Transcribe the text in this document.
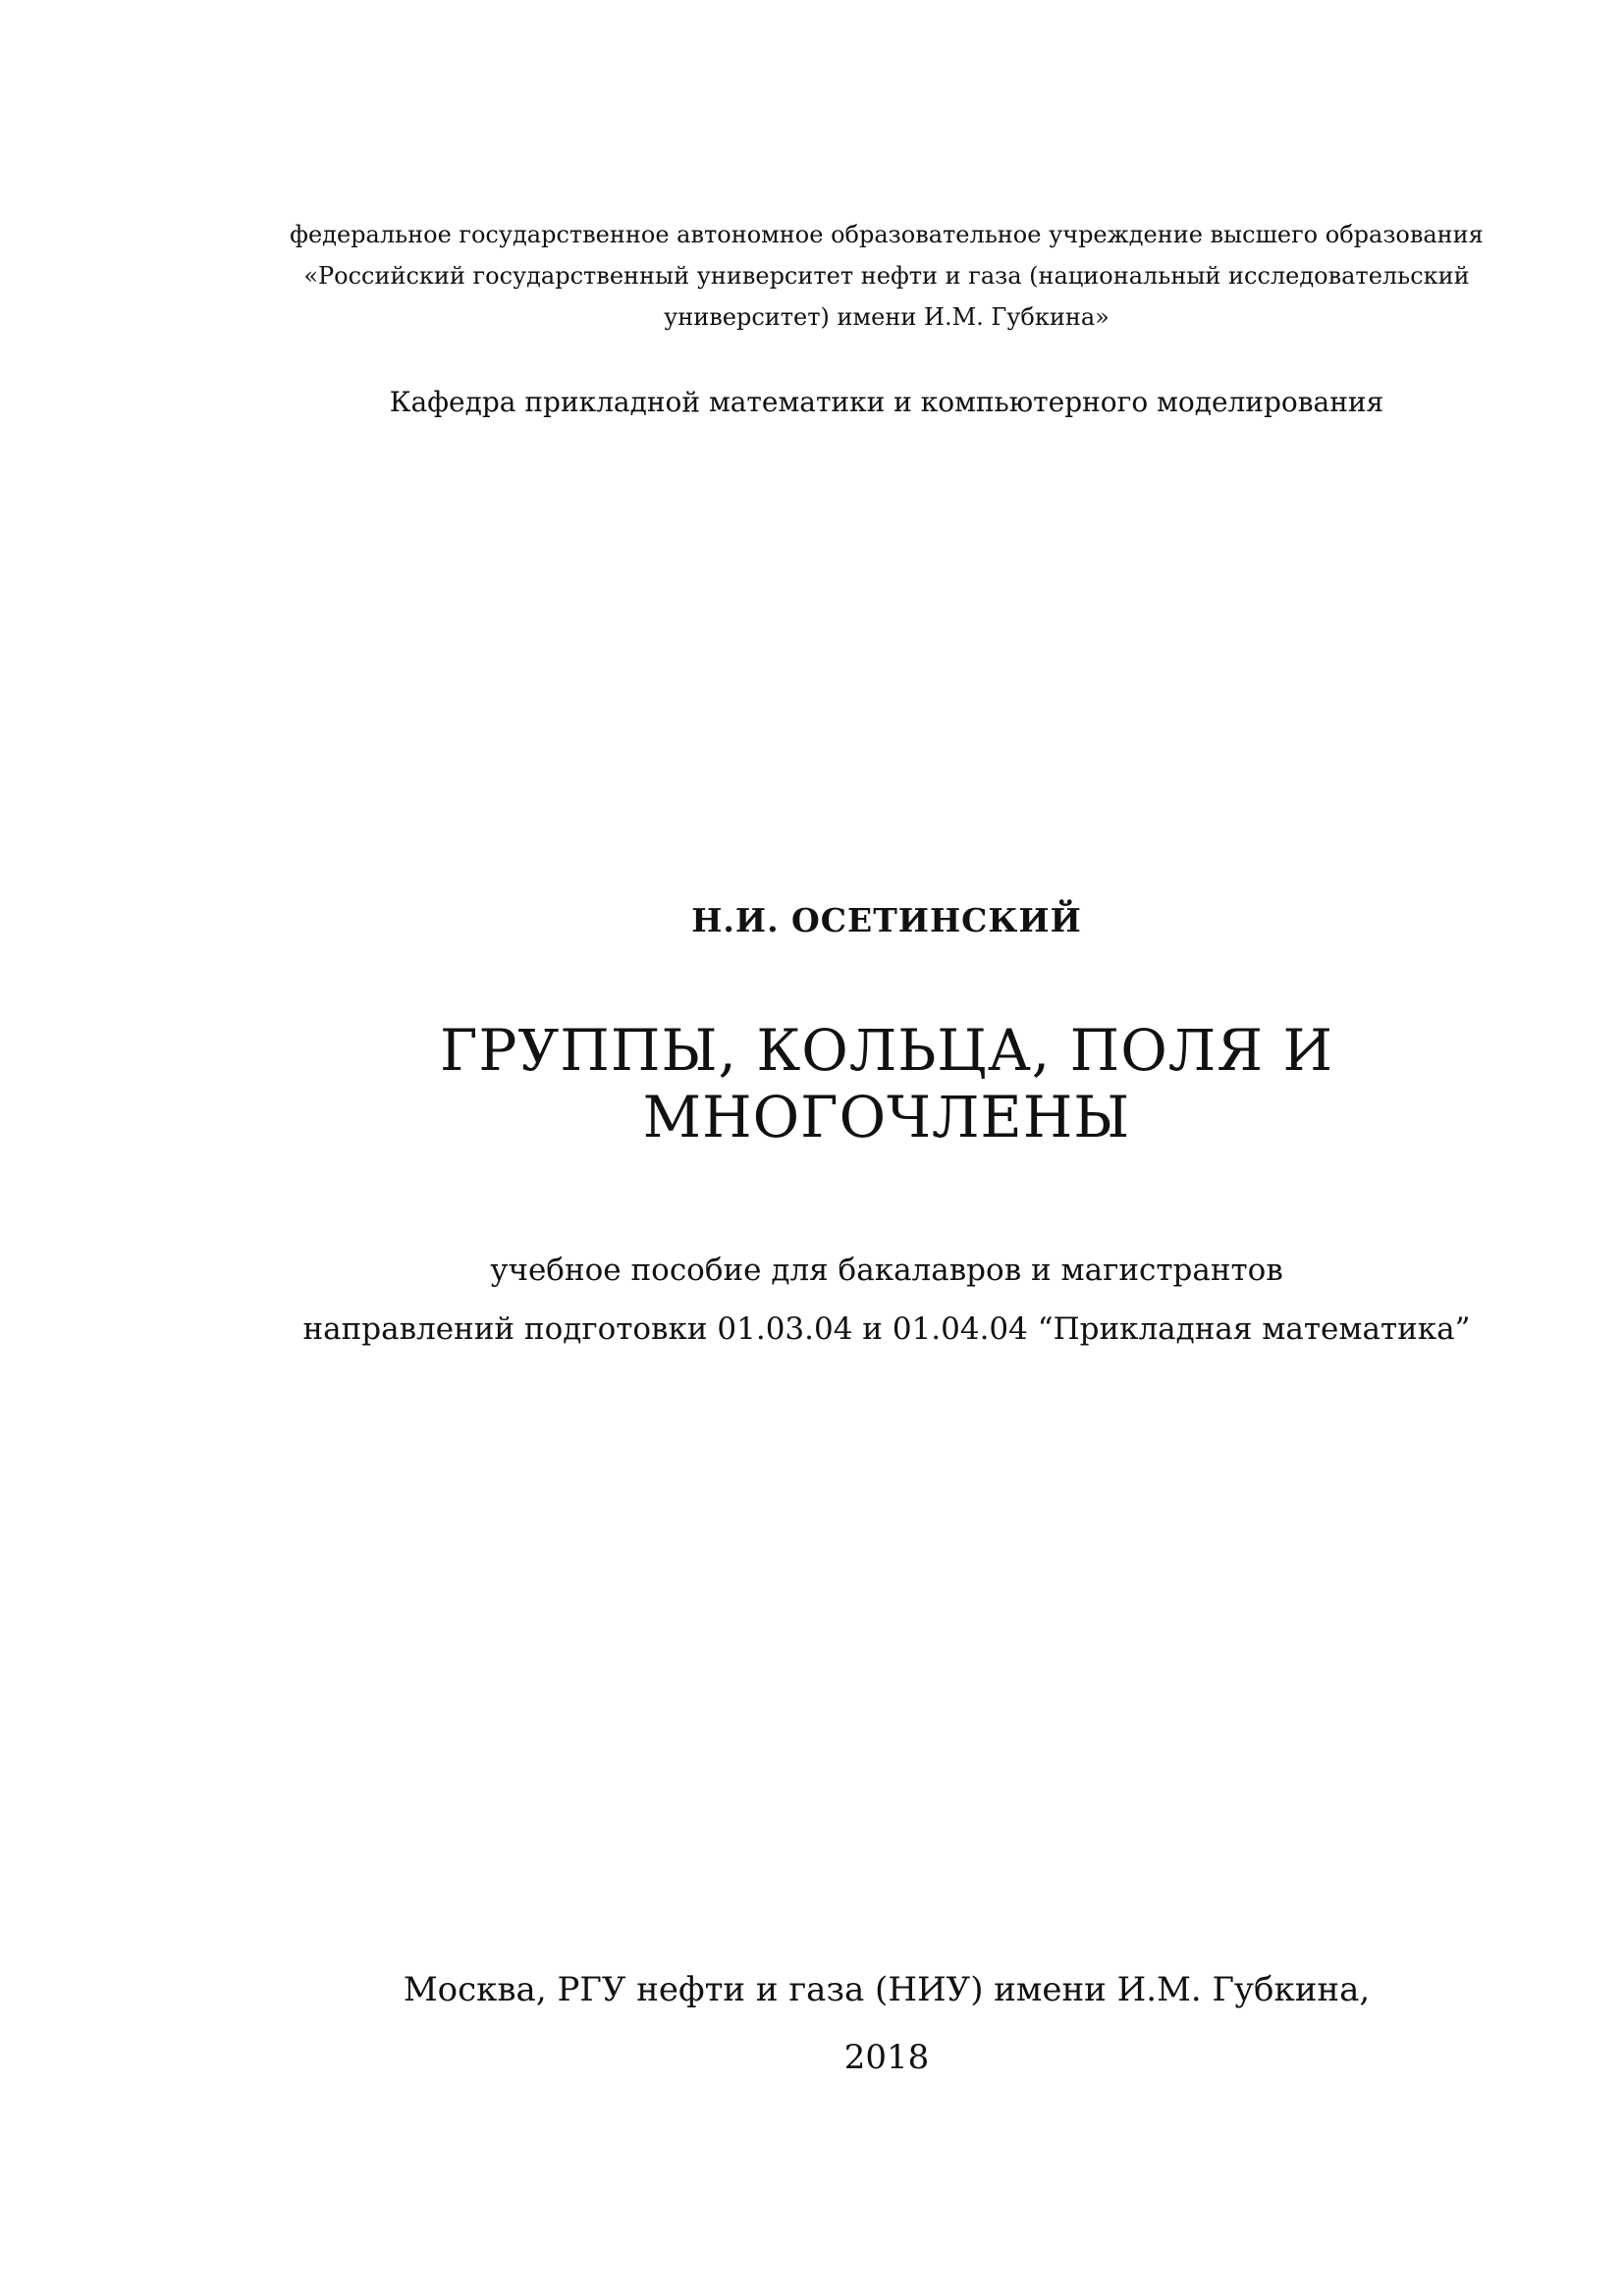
федеральное государственное автономное образовательное учреждение высшего образования

«Российский государственный университет нефти и газа (национальный исследовательский

университет) имени И.М. Губкина»

Кафедра прикладной математики и компьютерного моделирования

Н.И. ОСЕТИНСКИЙ

ГРУППЫ, КОЛЬЦА, ПОЛЯ И
МНОГОЧЛЕНЫ

учебное пособие для бакалавров и магистрантов

направлений подготовки 01.03.04 и 01.04.04 “Прикладная математика”

Москва, РГУ нефти и газа (НИУ) имени И.М. Губкина,

2018
